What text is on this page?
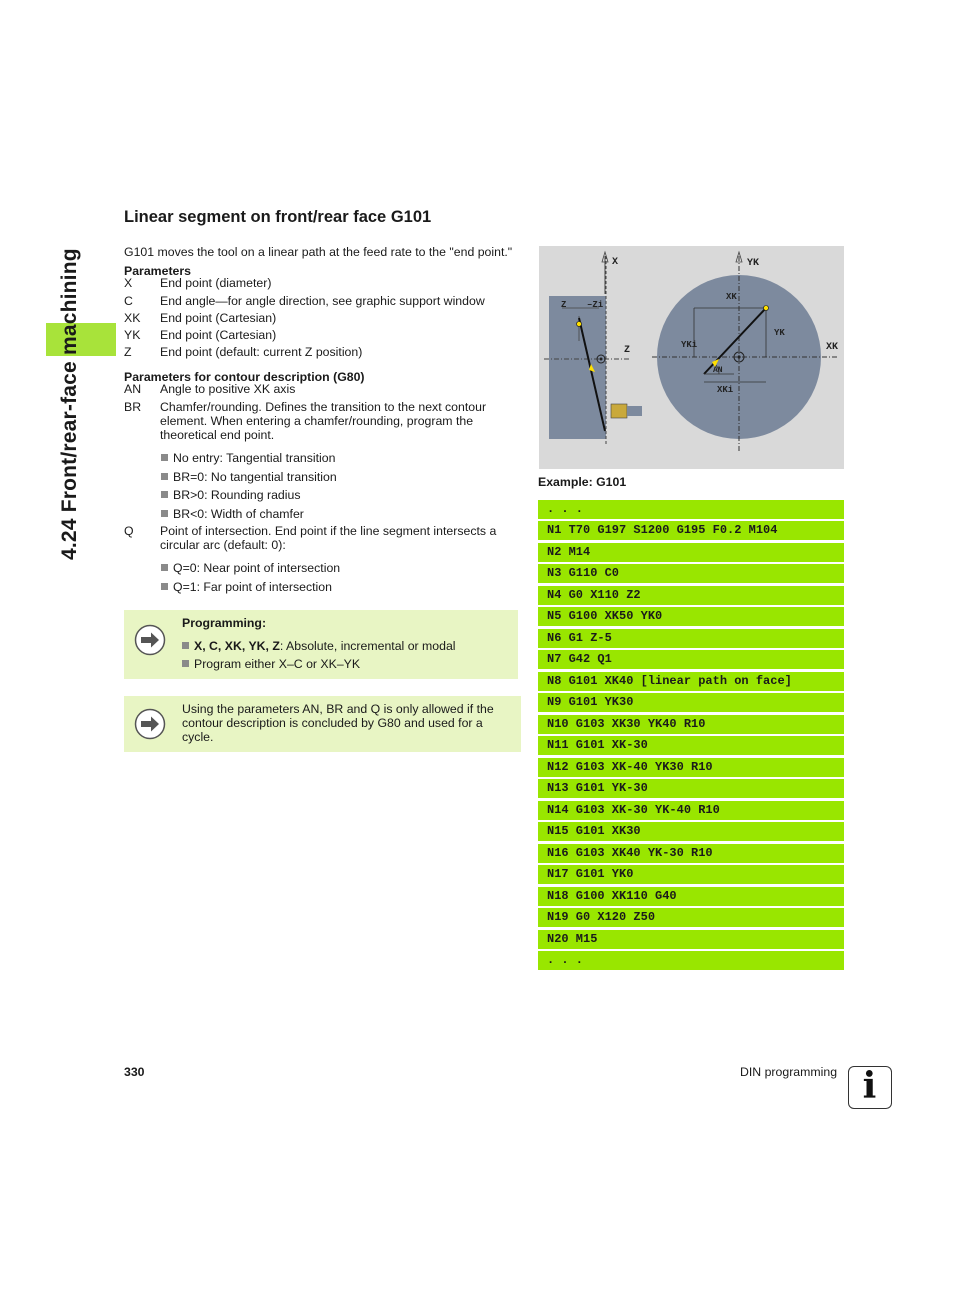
4.24 Front/rear-face machining
Linear segment on front/rear face G101
G101 moves the tool on a linear path at the feed rate to the "end point."
Parameters
X	End point (diameter)
C	End angle—for angle direction, see graphic support window
XK	End point (Cartesian)
YK	End point (Cartesian)
Z	End point (default: current Z position)
Parameters for contour description (G80)
AN	Angle to positive XK axis
BR	Chamfer/rounding. Defines the transition to the next contour element. When entering a chamfer/rounding, program the theoretical end point.
No entry: Tangential transition
BR=0: No tangential transition
BR>0: Rounding radius
BR<0: Width of chamfer
Q	Point of intersection. End point if the line segment intersects a circular arc (default: 0):
Q=0: Near point of intersection
Q=1: Far point of intersection
Programming:
X, C, XK, YK, Z: Absolute, incremental or modal
Program either X–C or XK–YK
Using the parameters AN, BR and Q is only allowed if the contour description is concluded by G80 and used for a cycle.
X
Z –Zi
Z
YK
XK
YK
YKi
AN
XKi
XK
Example: G101
. . .
N1 T70 G197 S1200 G195 F0.2 M104
N2 M14
N3 G110 C0
N4 G0 X110 Z2
N5 G100 XK50 YK0
N6 G1 Z-5
N7 G42 Q1
N8 G101 XK40 [linear path on face]
N9 G101 YK30
N10 G103 XK30 YK40 R10
N11 G101 XK-30
N12 G103 XK-40 YK30 R10
N13 G101 YK-30
N14 G103 XK-30 YK-40 R10
N15 G101 XK30
N16 G103 XK40 YK-30 R10
N17 G101 YK0
N18 G100 XK110 G40
N19 G0 X120 Z50
N20 M15
. . .
330	DIN programming i
